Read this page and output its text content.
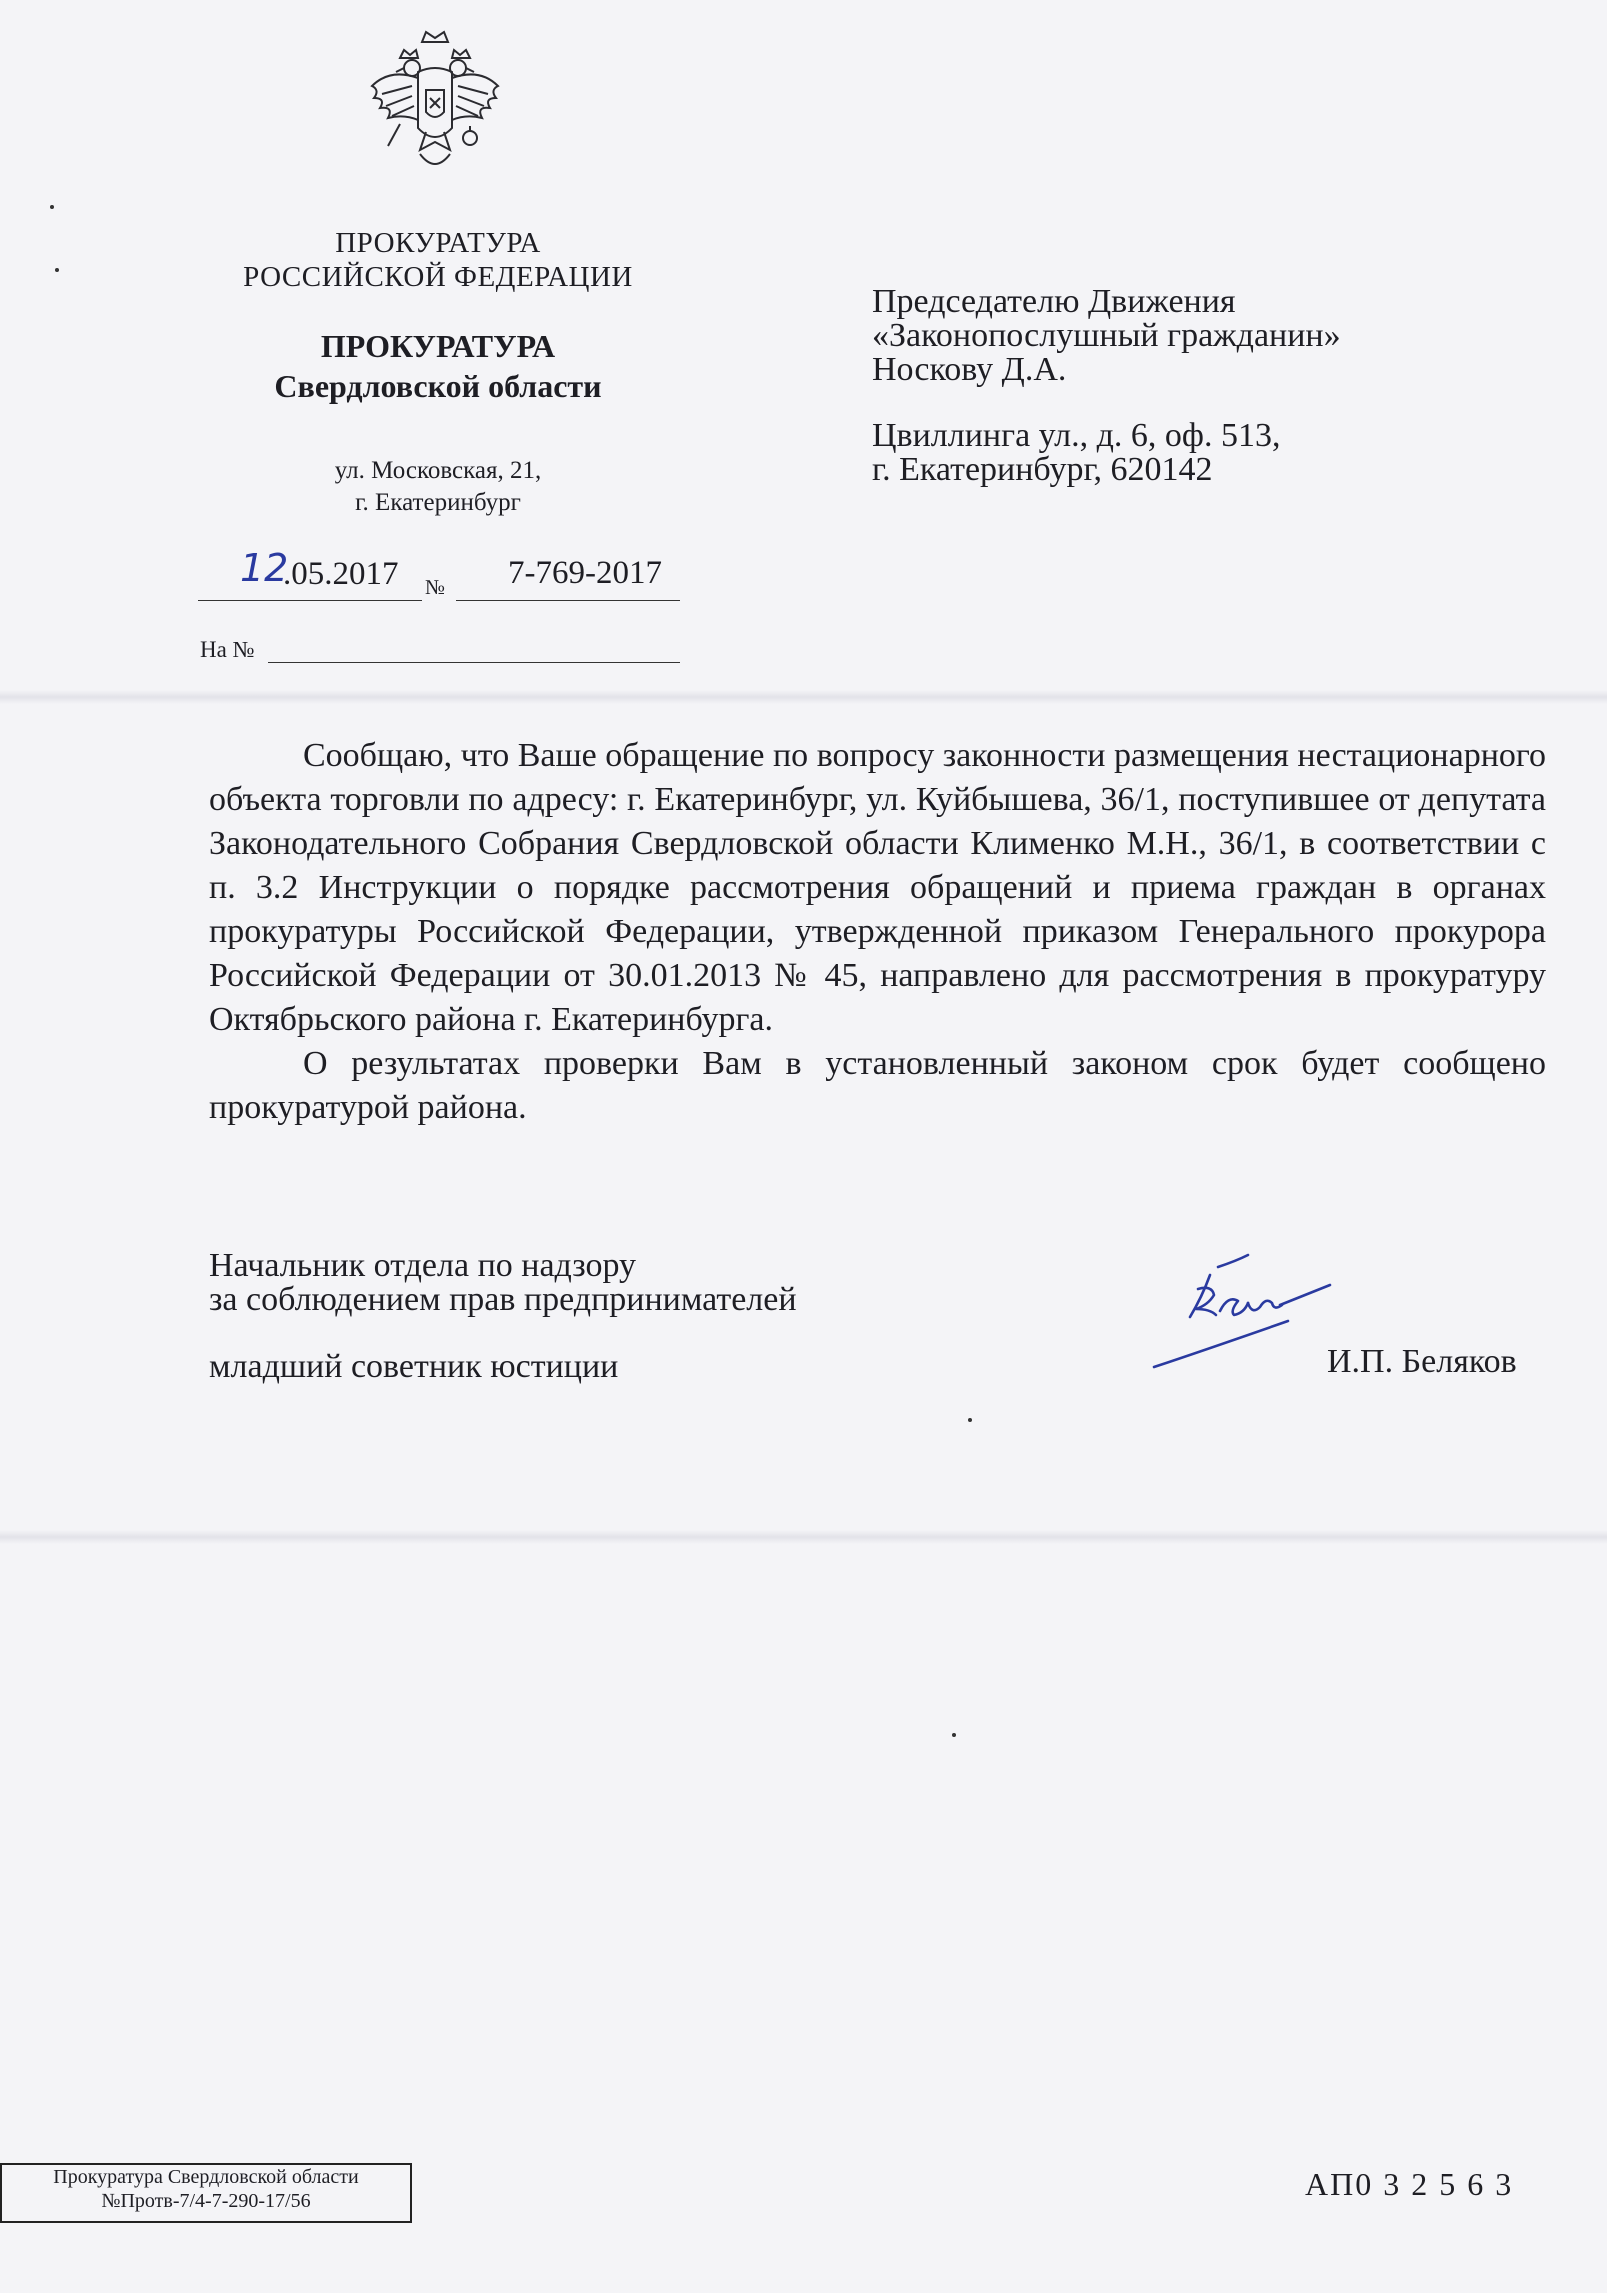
ПРОКУРАТУРА
РОССИЙСКОЙ ФЕДЕРАЦИИ
ПРОКУРАТУРА
Свердловской области
ул. Московская, 21,
г. Екатеринбург
12
.05.2017 № 7-769-2017
На №
Председателю Движения
«Законопослушный гражданин»
Носкову Д.А.
Цвиллинга ул., д. 6, оф. 513,
г. Екатеринбург, 620142

Сообщаю, что Ваше обращение по вопросу законности размещения нестационарного объекта торговли по адресу: г. Екатеринбург, ул. Куйбышева, 36/1, поступившее от депутата Законодательного Собрания Свердловской области Клименко М.Н., 36/1, в соответствии с п. 3.2 Инструкции о порядке рассмотрения обращений и приема граждан в органах прокуратуры Российской Федерации, утвержденной приказом Генерального прокурора Российской Федерации от 30.01.2013 № 45, направлено для рассмотрения в прокуратуру Октябрьского района г. Екатеринбурга.

О результатах проверки Вам в установленный законом срок будет сообщено прокуратурой района.

Начальник отдела по надзору
за соблюдением прав предпринимателей
младший советник юстиции	И.П. Беляков
Прокуратура Свердловской области
№Протв-7/4-7-290-17/56	АП0 3 2 5 6 3
